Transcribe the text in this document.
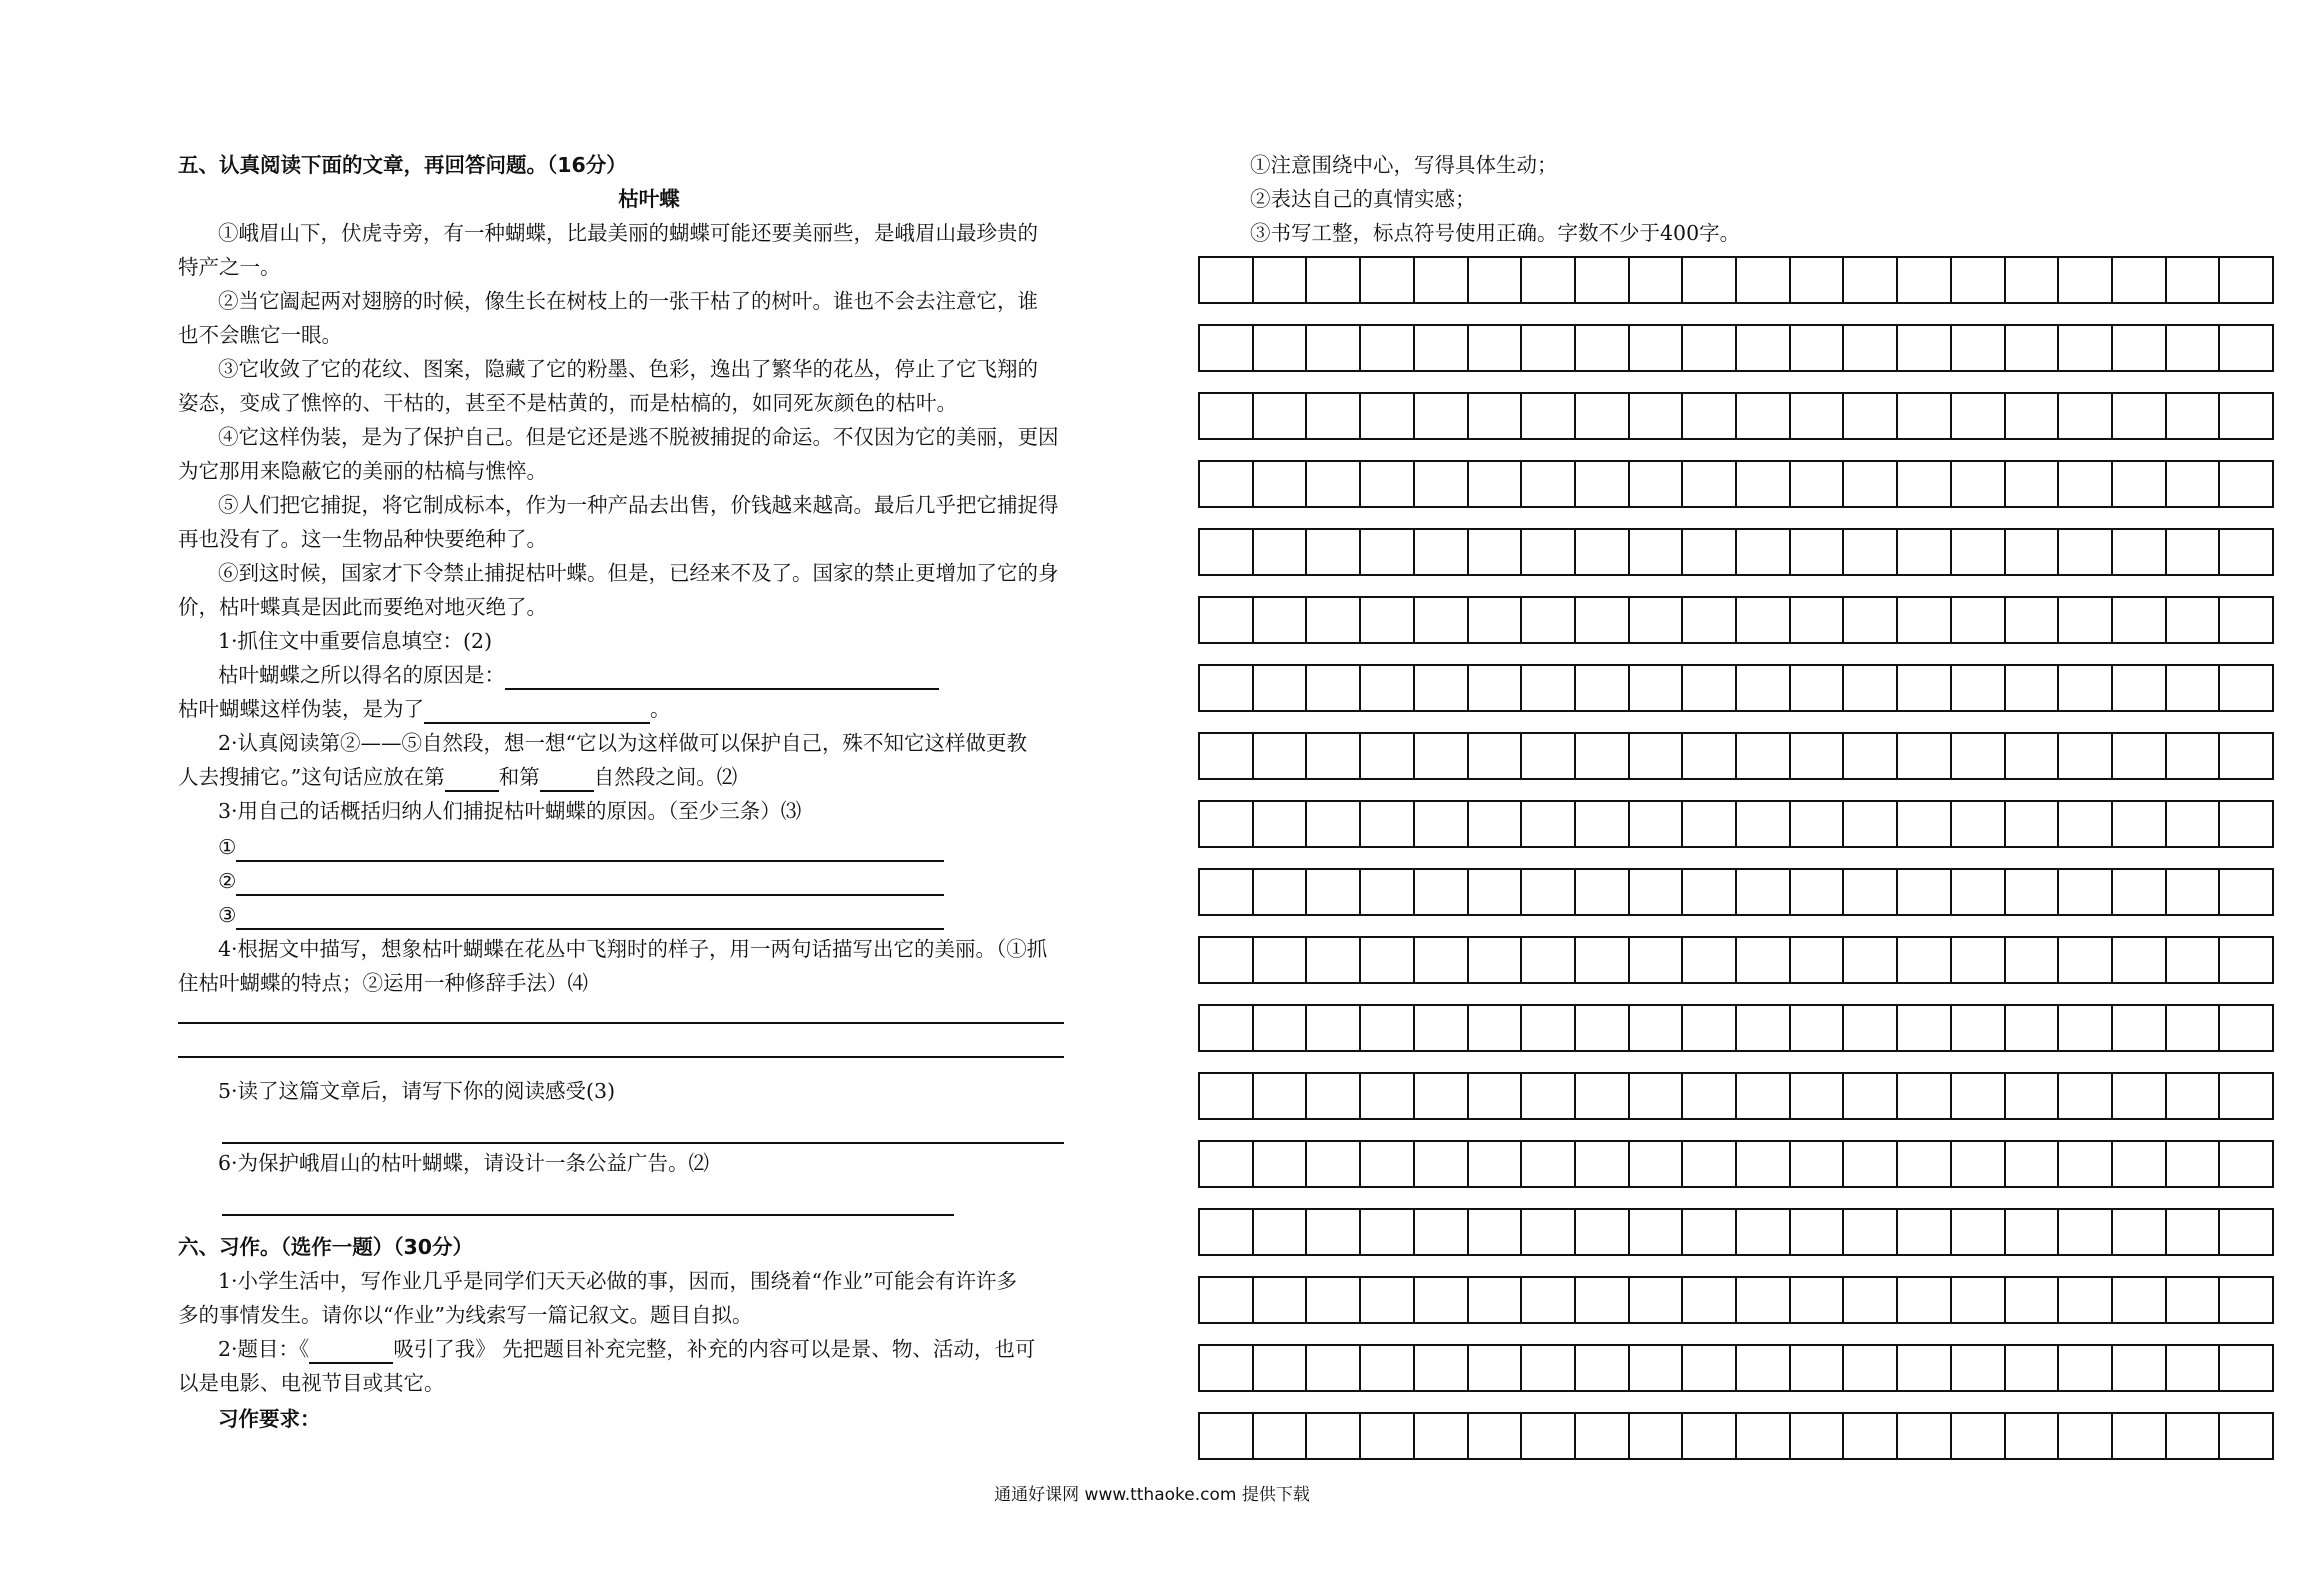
五、认真阅读下面的文章，再回答问题。（16分）
枯叶蝶
①峨眉山下，伏虎寺旁，有一种蝴蝶，比最美丽的蝴蝶可能还要美丽些，是峨眉山最珍贵的
特产之一。
②当它阖起两对翅膀的时候，像生长在树枝上的一张干枯了的树叶。谁也不会去注意它，谁
也不会瞧它一眼。
③它收敛了它的花纹、图案，隐藏了它的粉墨、色彩，逸出了繁华的花丛，停止了它飞翔的
姿态，变成了憔悴的、干枯的，甚至不是枯黄的，而是枯槁的，如同死灰颜色的枯叶。
④它这样伪装，是为了保护自己。但是它还是逃不脱被捕捉的命运。不仅因为它的美丽，更因
为它那用来隐蔽它的美丽的枯槁与憔悴。
⑤人们把它捕捉，将它制成标本，作为一种产品去出售，价钱越来越高。最后几乎把它捕捉得
再也没有了。这一生物品种快要绝种了。
⑥到这时候，国家才下令禁止捕捉枯叶蝶。但是，已经来不及了。国家的禁止更增加了它的身
价，枯叶蝶真是因此而要绝对地灭绝了。
1·抓住文中重要信息填空：(2)
枯叶蝴蝶之所以得名的原因是：
枯叶蝴蝶这样伪装，是为了	。
2·认真阅读第②——⑤自然段，想一想“它以为这样做可以保护自己，殊不知它这样做更教
人去搜捕它。”这句话应放在第	和第	自然段之间。⑵
3·用自己的话概括归纳人们捕捉枯叶蝴蝶的原因。（至少三条）⑶
①
②
③
4·根据文中描写，想象枯叶蝴蝶在花丛中飞翔时的样子，用一两句话描写出它的美丽。（①抓
住枯叶蝴蝶的特点；②运用一种修辞手法）⑷
5·读了这篇文章后，请写下你的阅读感受(3)
6·为保护峨眉山的枯叶蝴蝶，请设计一条公益广告。⑵
六、习作。（选作一题）（30分）
1·小学生活中，写作业几乎是同学们天天必做的事，因而，围绕着“作业”可能会有许许多
多的事情发生。请你以“作业”为线索写一篇记叙文。题目自拟。
2·题目：《	吸引了我》 先把题目补充完整，补充的内容可以是景、物、活动，也可
以是电影、电视节目或其它。
习作要求：
①注意围绕中心，写得具体生动；
②表达自己的真情实感；
③书写工整，标点符号使用正确。字数不少于400字。
通通好课网 www.tthaoke.com 提供下载
